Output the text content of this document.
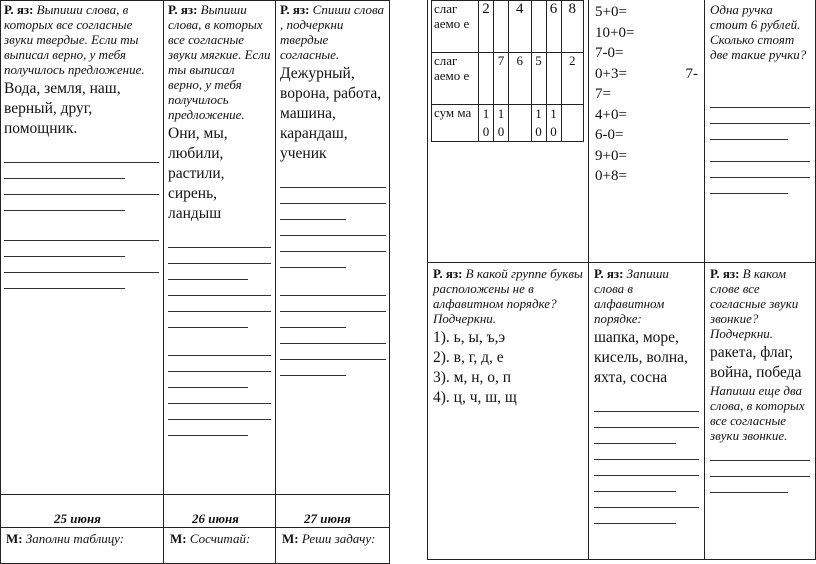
Р. яз: Выпиши слова, в которых все согласные звуки твердые. Если ты выписал верно, у тебя получилось предложение.
Вода, земля, наш, верный, друг, помощник.
Р. яз: Выпиши слова, в которых все согласные звуки мягкие. Если ты выписал верно, у тебя получилось предложение.
Они, мы, любили, растили, сирень, ландыш
Р. яз: Спиши слова , подчеркни твердые согласные.
Дежурный, ворона, работа, машина, карандаш, ученик
25 июня	26 июня	27 июня
М: Заполни таблицу:	М: Сосчитай:	М: Реши задачу:
слаг аемо е	2		4		6	8
слаг аемо е		7	6	5		2
сум ма	1 0	1 0		1 0	1 0	
5+0=
10+0=
7-0=
0+3=	7-
7=
4+0=
6-0=
9+0=
0+8=
Одна ручка стоит 6 рублей. Сколько стоят две такие ручки?
Р. яз: В какой группе буквы расположены не в алфавитном порядке? Подчеркни.
1). ь, ы, ъ,э
2). в, г, д, е
3). м, н, о, п
4). ц, ч, ш, щ
Р. яз: Запиши слова в алфавитном порядке:
шапка, море, кисель, волна, яхта, сосна
Р. яз: В каком слове все согласные звуки звонкие? Подчеркни.
ракета, флаг, война, победа
Напиши еще два слова, в которых все согласные звуки звонкие.
